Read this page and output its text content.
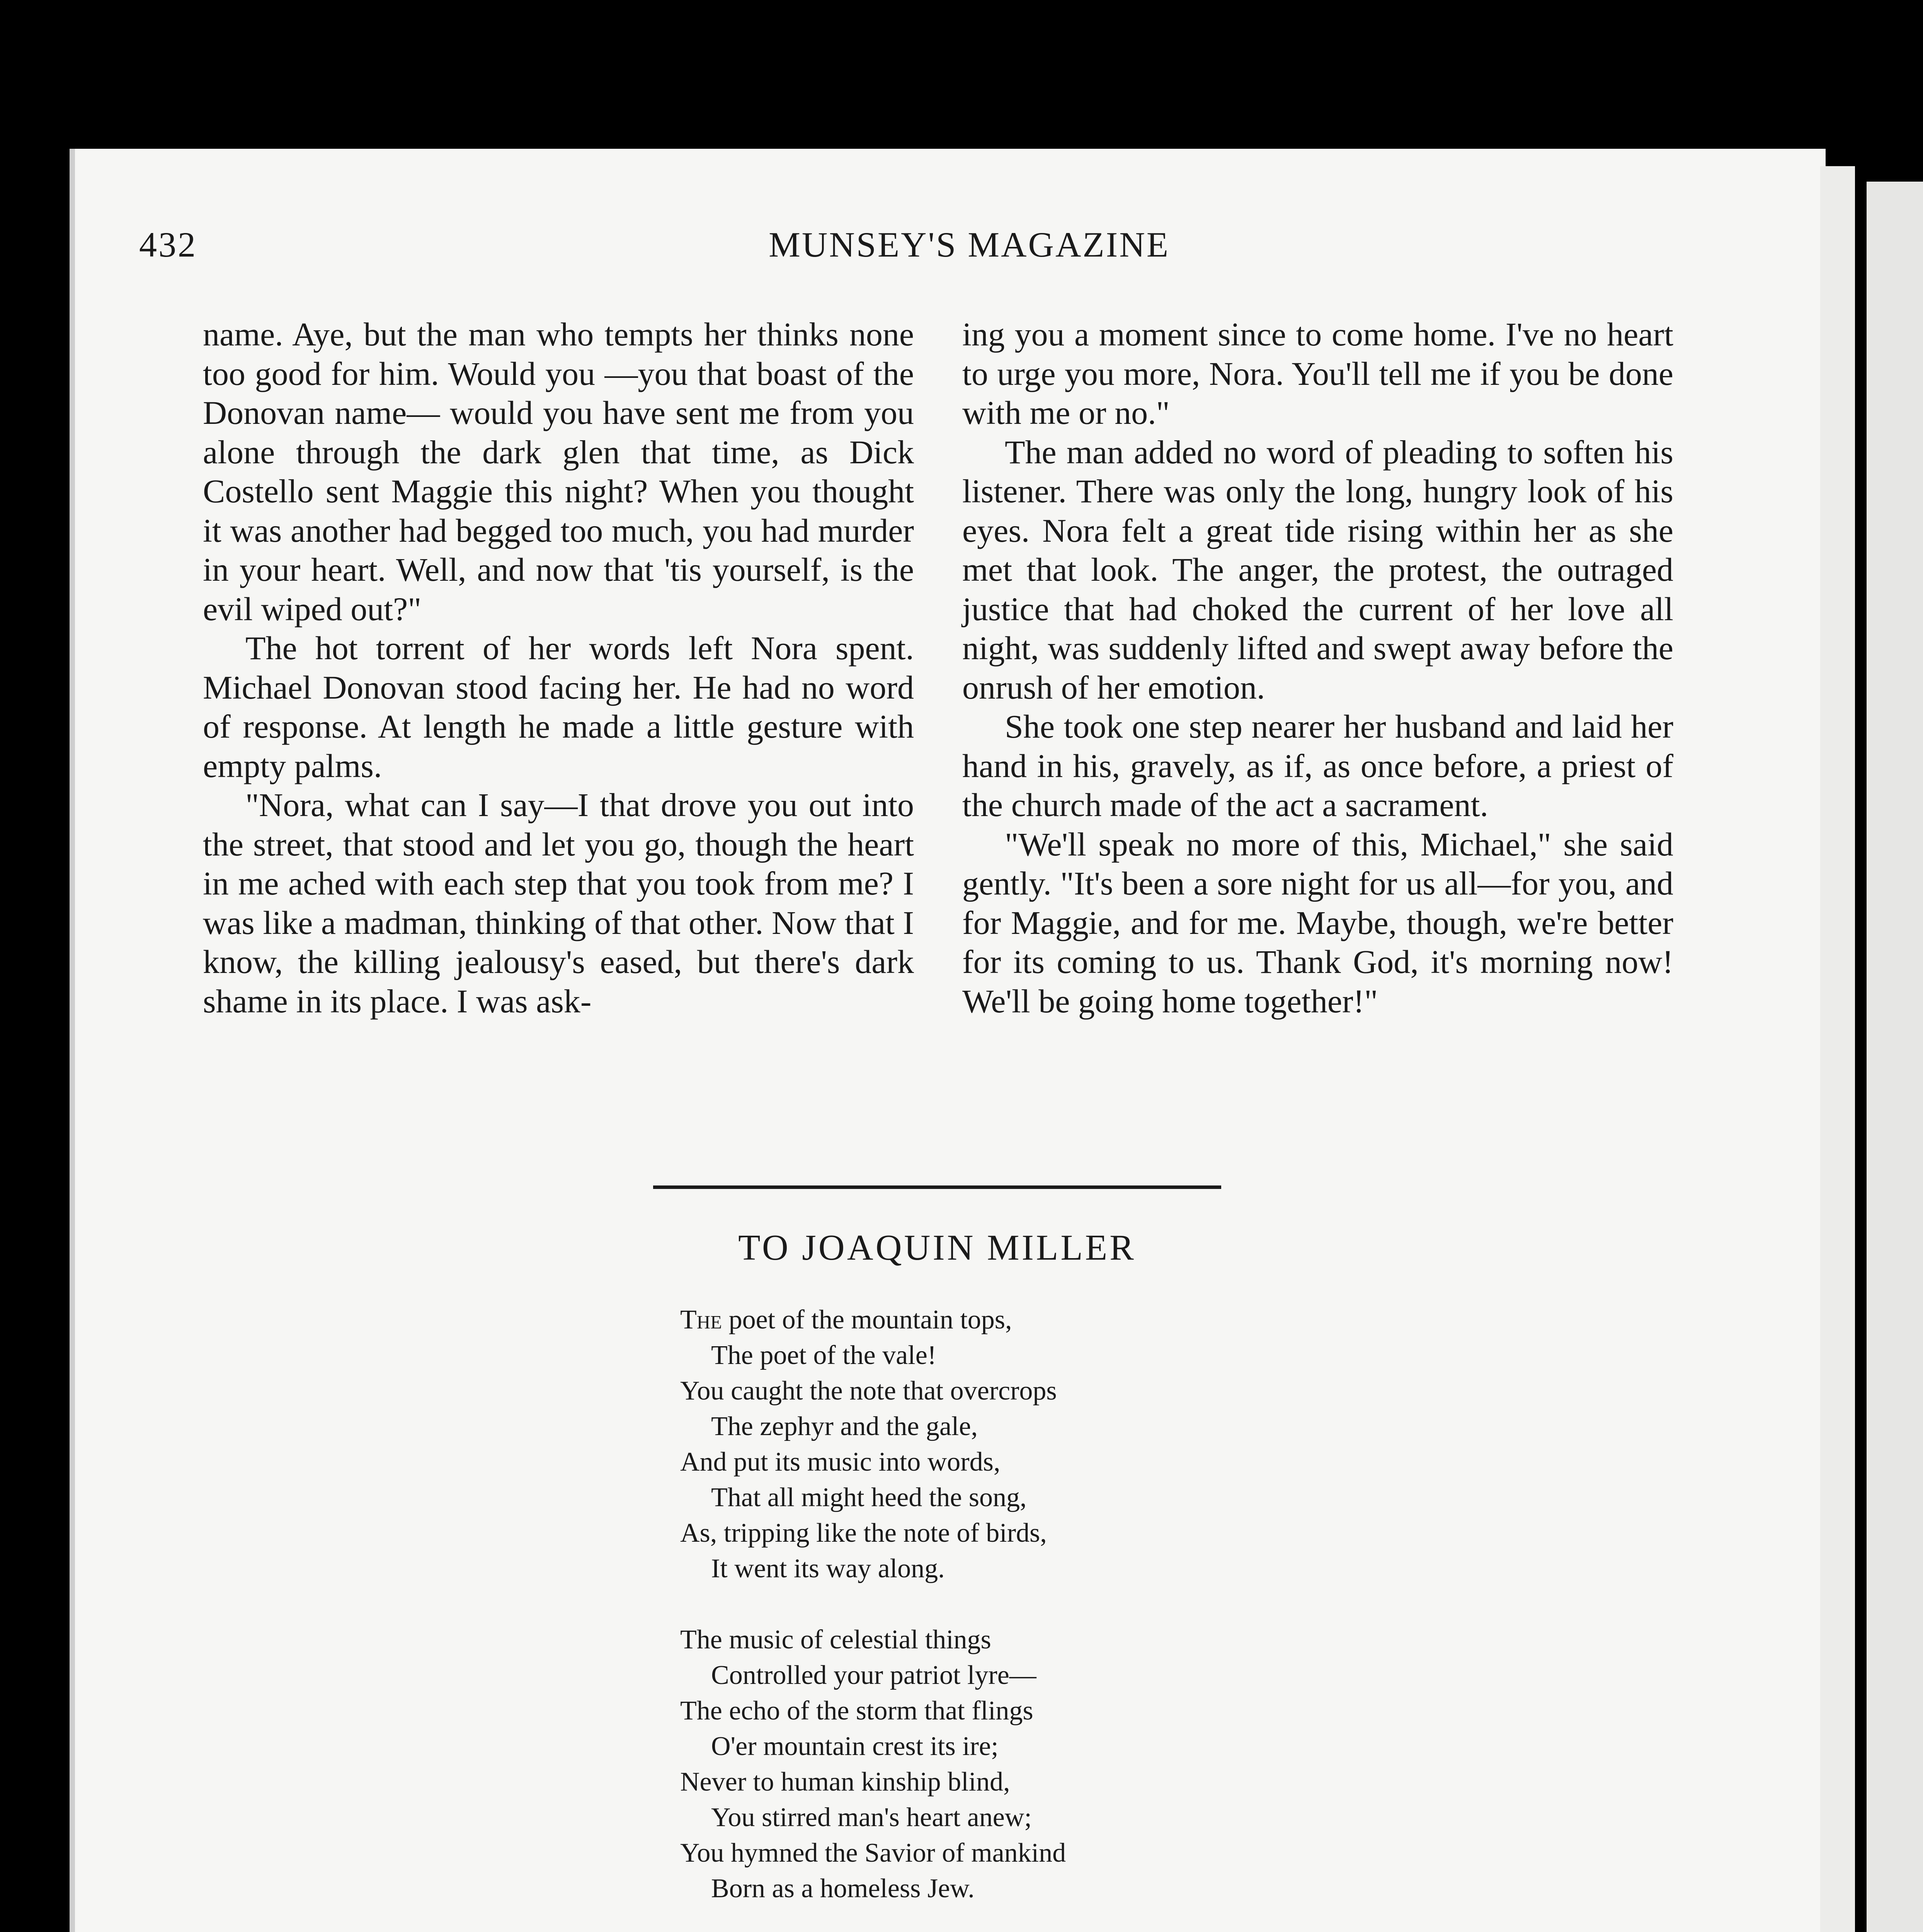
432	MUNSEY'S MAGAZINE

name. Aye, but the man who tempts her thinks none too good for him. Would you —you that boast of the Donovan name— would you have sent me from you alone through the dark glen that time, as Dick Costello sent Maggie this night? When you thought it was another had begged too much, you had murder in your heart. Well, and now that 'tis yourself, is the evil wiped out?"

The hot torrent of her words left Nora spent. Michael Donovan stood facing her. He had no word of response. At length he made a little gesture with empty palms.

"Nora, what can I say—I that drove you out into the street, that stood and let you go, though the heart in me ached with each step that you took from me? I was like a madman, thinking of that other. Now that I know, the killing jealousy's eased, but there's dark shame in its place. I was ask-

ing you a moment since to come home. I've no heart to urge you more, Nora. You'll tell me if you be done with me or no."

The man added no word of pleading to soften his listener. There was only the long, hungry look of his eyes. Nora felt a great tide rising within her as she met that look. The anger, the protest, the outraged justice that had choked the current of her love all night, was suddenly lifted and swept away before the onrush of her emotion.

She took one step nearer her husband and laid her hand in his, gravely, as if, as once before, a priest of the church made of the act a sacrament.

"We'll speak no more of this, Michael," she said gently. "It's been a sore night for us all—for you, and for Maggie, and for me. Maybe, though, we're better for its coming to us. Thank God, it's morning now! We'll be going home together!"

TO JOAQUIN MILLER
The poet of the mountain tops,
The poet of the vale!
You caught the note that overcrops
The zephyr and the gale,
And put its music into words,
That all might heed the song,
As, tripping like the note of birds,
It went its way along.
The music of celestial things
Controlled your patriot lyre—
The echo of the storm that flings
O'er mountain crest its ire;
Never to human kinship blind,
You stirred man's heart anew;
You hymned the Savior of mankind
Born as a homeless Jew.
